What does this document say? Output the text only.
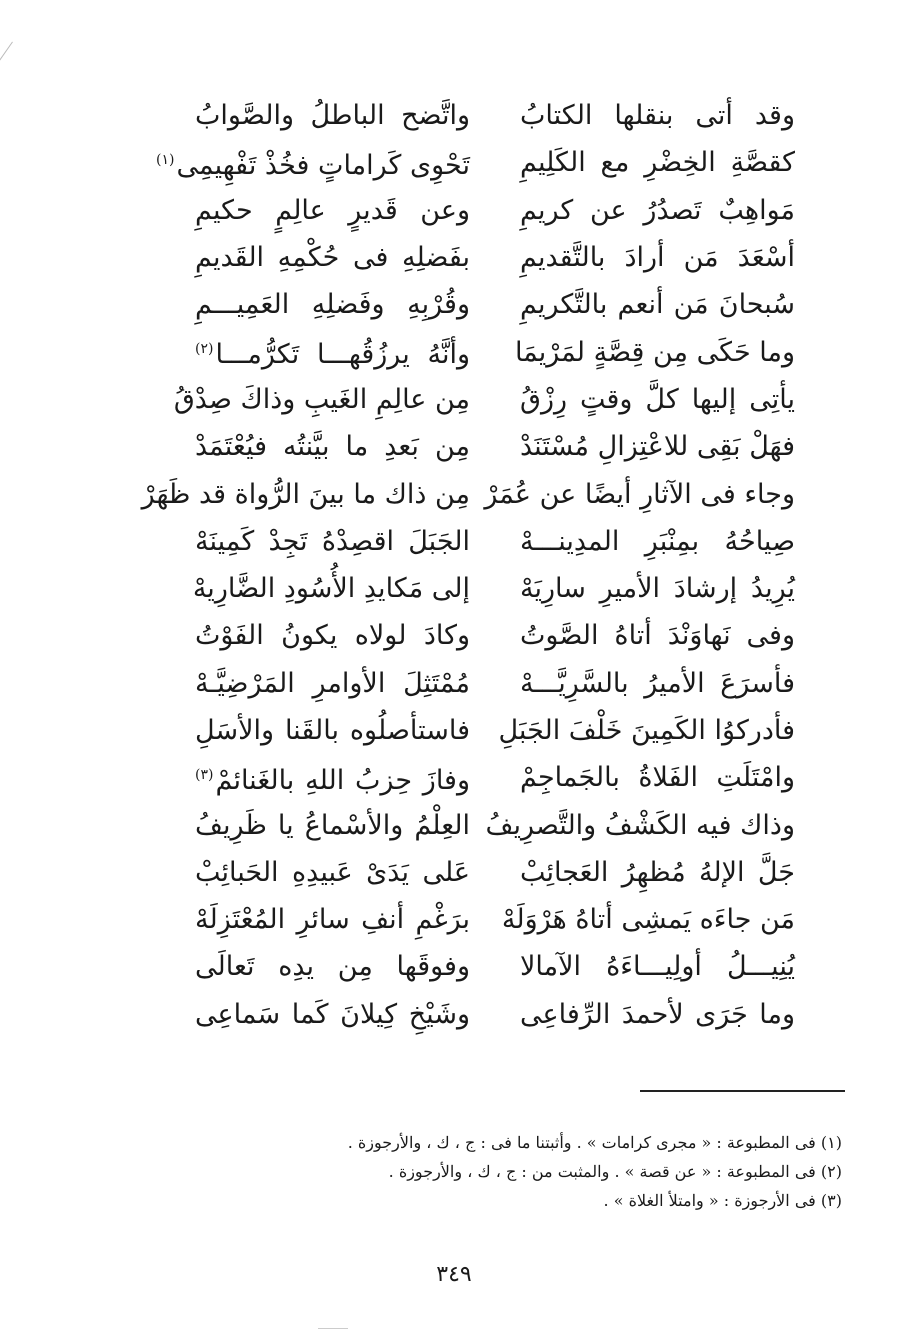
وقد أتى بنقلها الكتابُ
واتَّضح الباطلُ والصَّوابُ
كقصَّةِ الخِضْرِ مع الكَلِيمِ
تَحْوِى كَراماتٍ فخُذْ تَفْهِيمِى$^{(١)}$
مَواهِبٌ تَصدُرُ عن كريمِ
وعن قَديرٍ عالِمٍ حكيمِ
أسْعَدَ مَن أرادَ بالتَّقديمِ
بفَضلِهِ فى حُكْمِهِ القَديمِ
سُبحانَ مَن أنعم بالتَّكريمِ
وقُرْبِهِ وفَضلِهِ العَمِيـــمِ
وما حَكَى مِن قِصَّةٍ لمَرْيمَا
وأنَّهُ يرزُقُهـــا تَكرُّمـــا$^{(٢)}$
يأتِى إليها كلَّ وقتٍ رِزْقُ
مِن عالِمِ الغَيبِ وذاكَ صِدْقُ
فهَلْ بَقِى للاعْتِزالِ مُسْتَنَدْ
مِن بَعدِ ما بيَّنتُه فيُعْتَمَدْ
وجاء فى الآثارِ أيضًا عن عُمَرْ
مِن ذاك ما بينَ الرُّواة قد ظَهَرْ
صِياحُهُ بمِنْبَرِ المدِينـــهْ
الجَبَلَ اقصِدْهُ تَجِدْ كَمِينَهْ
يُرِيدُ إرشادَ الأميرِ سارِيَهْ
إلى مَكايدِ الأُسُودِ الضَّارِيهْ
وفى نَهاوَنْدَ أتاهُ الصَّوتُ
وكادَ لولاه يكونُ الفَوْتُ
فأسرَعَ الأميرُ بالسَّرِيَّـــهْ
مُمْتَثِلَ الأوامرِ المَرْضِيَّـهْ
فأدركوُا الكَمِينَ خَلْفَ الجَبَلِ
فاستأصلُوه بالقَنا والأسَلِ
وامْتَلَتِ الفَلاةُ بالجَماجِمْ
وفازَ حِزبُ اللهِ بالغَنائمْ$^{(٣)}$
وذاك فيه الكَشْفُ والتَّصرِيفُ
العِلْمُ والأسْماعُ يا ظَرِيفُ
جَلَّ الإلهُ مُظهِرُ العَجائِبْ
عَلى يَدَىْ عَبيدِهِ الحَبائِبْ
مَن جاءَه يَمشِى أتاهُ هَرْوَلَهْ
برَغْمِ أنفِ سائرِ المُعْتَزِلَهْ
يُنِيـــلُ أولِيـــاءَهُ الآمالا
وفوقَها مِن يدِه تَعالَى
وما جَرَى لأحمدَ الرِّفاعِى
وشَيْخِ كِيلانَ كَما سَماعِى
(١) فى المطبوعة : « مجرى كرامات » . وأثبتنا ما فى : ج ، ك ، والأرجوزة .
(٢) فى المطبوعة : « عن قصة » . والمثبت من : ج ، ك ، والأرجوزة .
(٣) فى الأرجوزة : « وامتلأ الغلاة » .
٣٤٩
